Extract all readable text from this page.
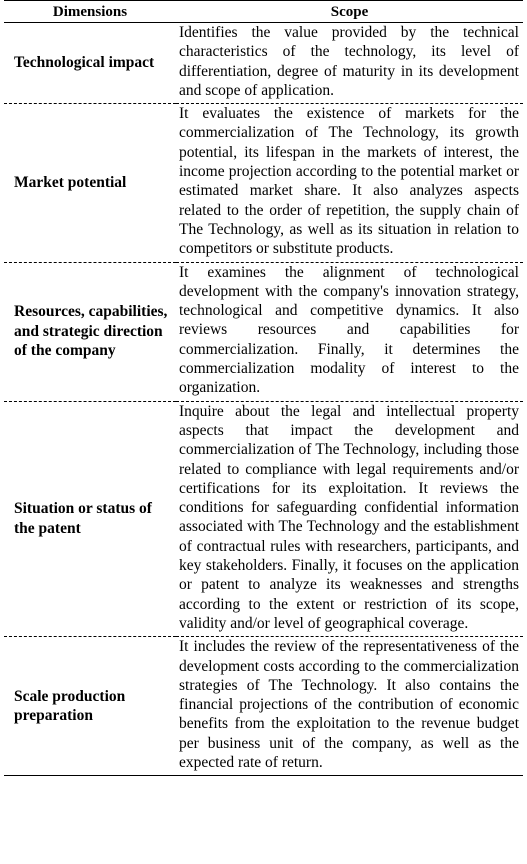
Dimensions	Scope

Technological impact	Identifies the value provided by the technical characteristics of the technology, its level of differentiation, degree of maturity in its development and scope of application.

Market potential	It evaluates the existence of markets for the commercialization of The Technology, its growth potential, its lifespan in the markets of interest, the income projection according to the potential market or estimated market share. It also analyzes aspects related to the order of repetition, the supply chain of The Technology, as well as its situation in relation to competitors or substitute products.

Resources, capabilities, and strategic direction of the company	It examines the alignment of technological development with the company's innovation strategy, technological and competitive dynamics. It also reviews resources and capabilities for commercialization. Finally, it determines the commercialization modality of interest to the organization.

Situation or status of the patent	Inquire about the legal and intellectual property aspects that impact the development and commercialization of The Technology, including those related to compliance with legal requirements and/or certifications for its exploitation. It reviews the conditions for safeguarding confidential information associated with The Technology and the establishment of contractual rules with researchers, participants, and key stakeholders. Finally, it focuses on the application or patent to analyze its weaknesses and strengths according to the extent or restriction of its scope, validity and/or level of geographical coverage.

Scale production preparation	It includes the review of the representativeness of the development costs according to the commercialization strategies of The Technology. It also contains the financial projections of the contribution of economic benefits from the exploitation to the revenue budget per business unit of the company, as well as the expected rate of return.
